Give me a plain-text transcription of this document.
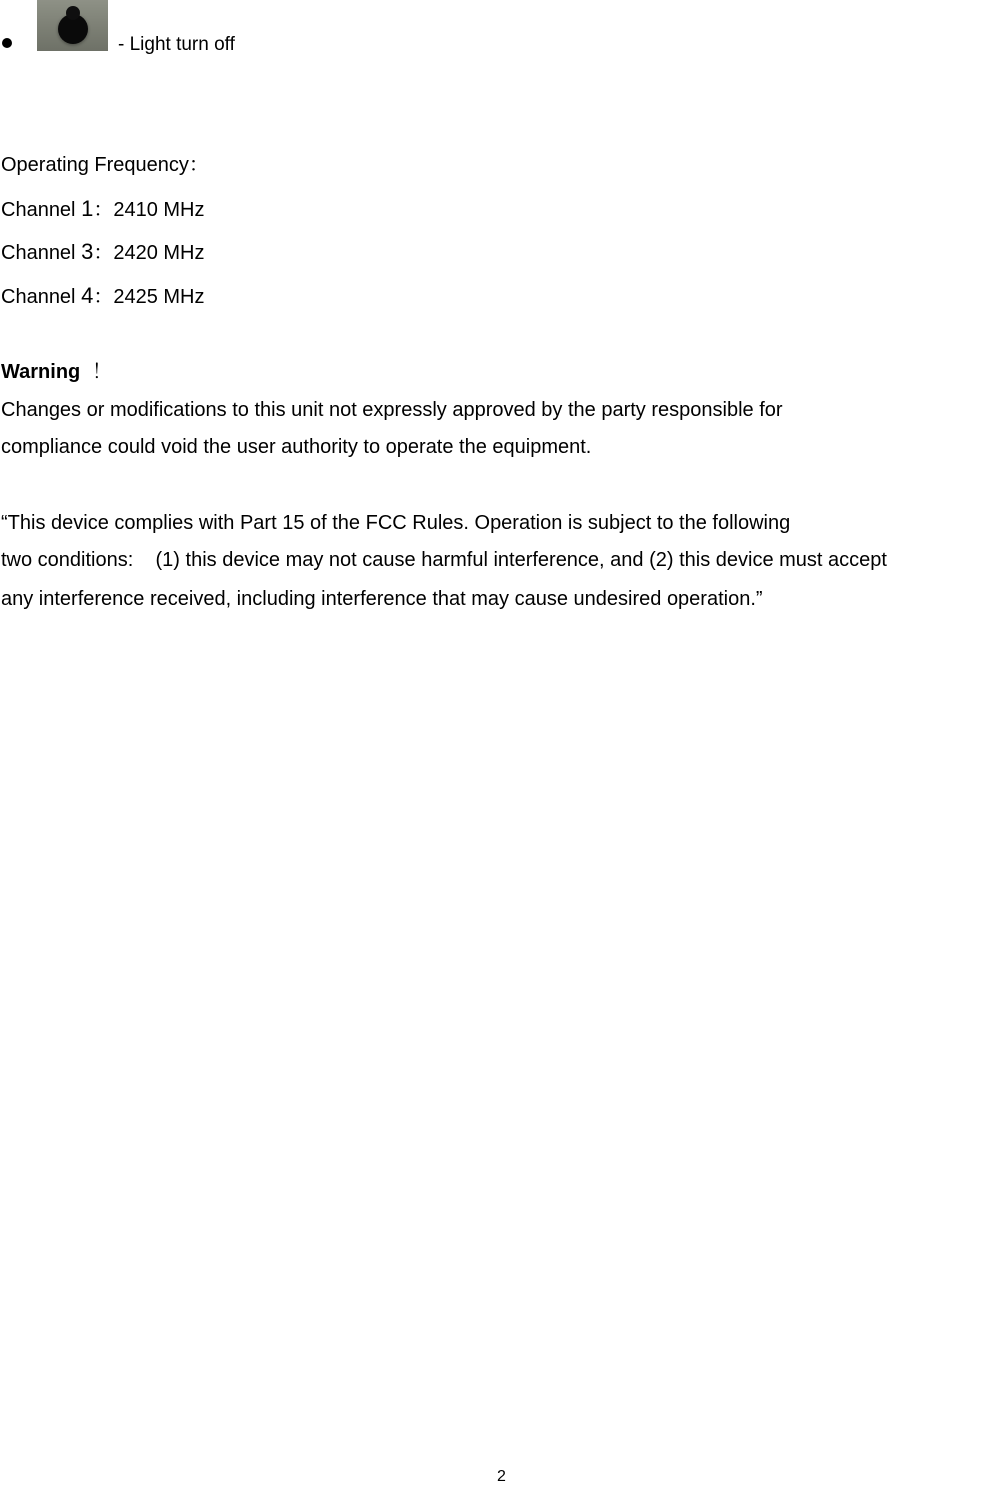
- Light turn off
Operating Frequency：
Channel 1：2410 MHz
Channel 3：2420 MHz
Channel 4：2425 MHz
Warning ！
Changes or modifications to this unit not expressly approved by the party responsible for
compliance could void the user authority to operate the equipment.
“This device complies with Part 15 of the FCC Rules. Operation is subject to the following
two conditions:    (1) this device may not cause harmful interference, and (2) this device must accept
any interference received, including interference that may cause undesired operation.”
2
